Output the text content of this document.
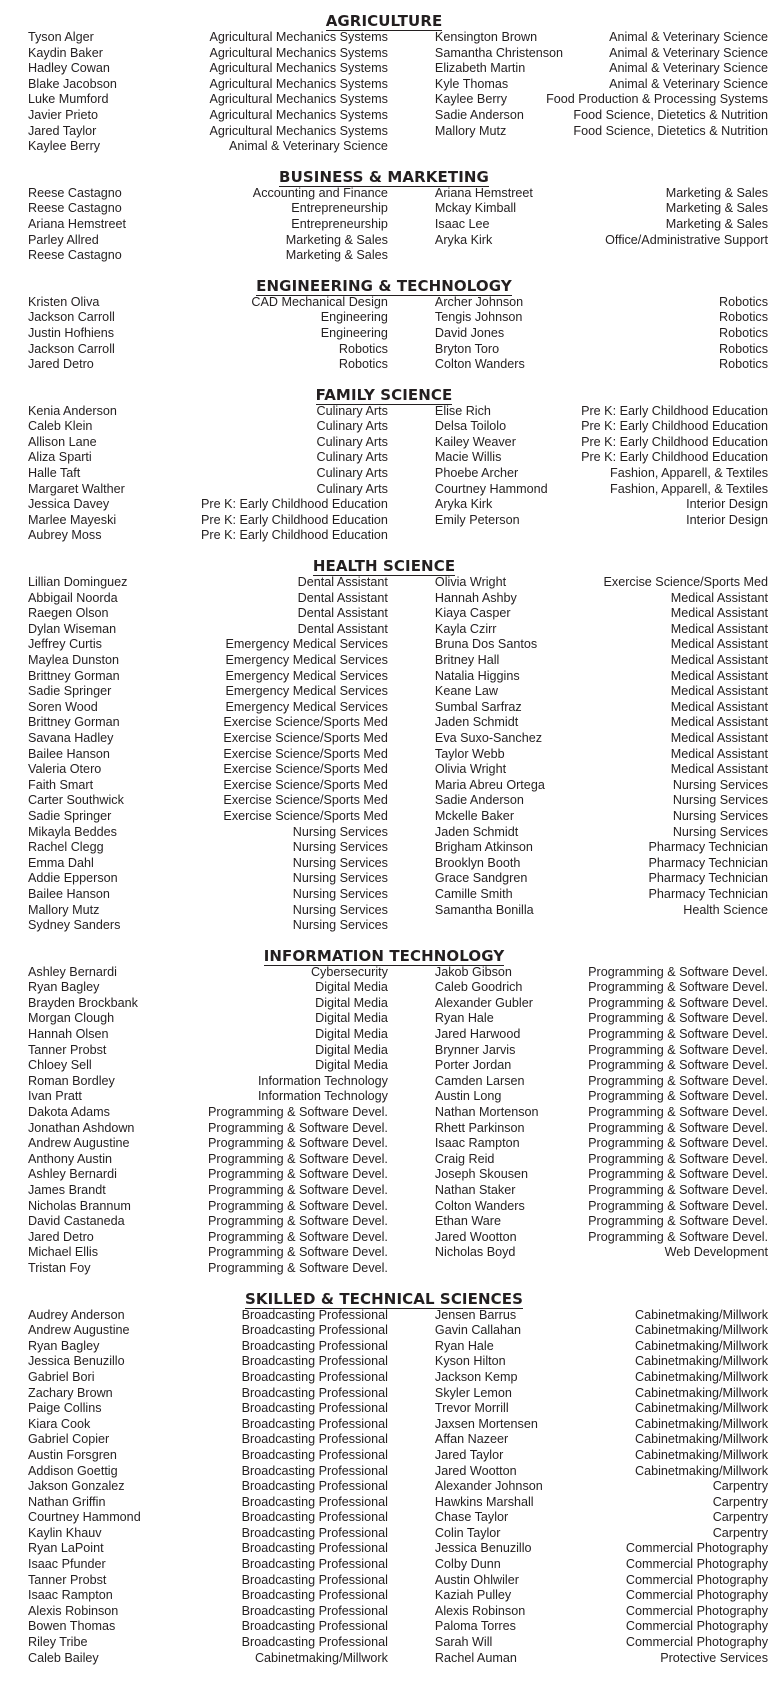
AGRICULTURE
Tyson Alger	Agricultural Mechanics Systems
Kaydin Baker	Agricultural Mechanics Systems
Hadley Cowan	Agricultural Mechanics Systems
Blake Jacobson	Agricultural Mechanics Systems
Luke Mumford	Agricultural Mechanics Systems
Javier Prieto	Agricultural Mechanics Systems
Jared Taylor	Agricultural Mechanics Systems
Kaylee Berry	Animal & Veterinary Science
Kensington Brown	Animal & Veterinary Science
Samantha Christenson	Animal & Veterinary Science
Elizabeth Martin	Animal & Veterinary Science
Kyle Thomas	Animal & Veterinary Science
Kaylee Berry	Food Production & Processing Systems
Sadie Anderson	Food Science, Dietetics & Nutrition
Mallory Mutz	Food Science, Dietetics & Nutrition
BUSINESS & MARKETING
Reese Castagno	Accounting and Finance
Reese Castagno	Entrepreneurship
Ariana Hemstreet	Entrepreneurship
Parley Allred	Marketing & Sales
Reese Castagno	Marketing & Sales
Ariana Hemstreet	Marketing & Sales
Mckay Kimball	Marketing & Sales
Isaac Lee	Marketing & Sales
Aryka Kirk	Office/Administrative Support
ENGINEERING & TECHNOLOGY
Kristen Oliva	CAD Mechanical Design
Jackson Carroll	Engineering
Justin Hofhiens	Engineering
Jackson Carroll	Robotics
Jared Detro	Robotics
Archer Johnson	Robotics
Tengis Johnson	Robotics
David Jones	Robotics
Bryton Toro	Robotics
Colton Wanders	Robotics
FAMILY SCIENCE
Kenia Anderson	Culinary Arts
Caleb Klein	Culinary Arts
Allison Lane	Culinary Arts
Aliza Sparti	Culinary Arts
Halle Taft	Culinary Arts
Margaret Walther	Culinary Arts
Jessica Davey	Pre K: Early Childhood Education
Marlee Mayeski	Pre K: Early Childhood Education
Aubrey Moss	Pre K: Early Childhood Education
Elise Rich	Pre K: Early Childhood Education
Delsa Toilolo	Pre K: Early Childhood Education
Kailey Weaver	Pre K: Early Childhood Education
Macie Willis	Pre K: Early Childhood Education
Phoebe Archer	Fashion, Apparell, & Textiles
Courtney Hammond	Fashion, Apparell, & Textiles
Aryka Kirk	Interior Design
Emily Peterson	Interior Design
HEALTH SCIENCE
Lillian Dominguez	Dental Assistant
Abbigail Noorda	Dental Assistant
Raegen Olson	Dental Assistant
Dylan Wiseman	Dental Assistant
Jeffrey Curtis	Emergency Medical Services
Maylea Dunston	Emergency Medical Services
Brittney Gorman	Emergency Medical Services
Sadie Springer	Emergency Medical Services
Soren Wood	Emergency Medical Services
Brittney Gorman	Exercise Science/Sports Med
Savana Hadley	Exercise Science/Sports Med
Bailee Hanson	Exercise Science/Sports Med
Valeria Otero	Exercise Science/Sports Med
Faith Smart	Exercise Science/Sports Med
Carter Southwick	Exercise Science/Sports Med
Sadie Springer	Exercise Science/Sports Med
Mikayla Beddes	Nursing Services
Rachel Clegg	Nursing Services
Emma Dahl	Nursing Services
Addie Epperson	Nursing Services
Bailee Hanson	Nursing Services
Mallory Mutz	Nursing Services
Sydney Sanders	Nursing Services
Olivia Wright	Exercise Science/Sports Med
Hannah Ashby	Medical Assistant
Kiaya Casper	Medical Assistant
Kayla Czirr	Medical Assistant
Bruna Dos Santos	Medical Assistant
Britney Hall	Medical Assistant
Natalia Higgins	Medical Assistant
Keane Law	Medical Assistant
Sumbal Sarfraz	Medical Assistant
Jaden Schmidt	Medical Assistant
Eva Suxo-Sanchez	Medical Assistant
Taylor Webb	Medical Assistant
Olivia Wright	Medical Assistant
Maria Abreu Ortega	Nursing Services
Sadie Anderson	Nursing Services
Mckelle Baker	Nursing Services
Jaden Schmidt	Nursing Services
Brigham Atkinson	Pharmacy Technician
Brooklyn Booth	Pharmacy Technician
Grace Sandgren	Pharmacy Technician
Camille Smith	Pharmacy Technician
Samantha Bonilla	Health Science
INFORMATION TECHNOLOGY
Ashley Bernardi	Cybersecurity
Ryan Bagley	Digital Media
Brayden Brockbank	Digital Media
Morgan Clough	Digital Media
Hannah Olsen	Digital Media
Tanner Probst	Digital Media
Chloey Sell	Digital Media
Roman Bordley	Information Technology
Ivan Pratt	Information Technology
Dakota Adams	Programming & Software Devel.
Jonathan Ashdown	Programming & Software Devel.
Andrew Augustine	Programming & Software Devel.
Anthony Austin	Programming & Software Devel.
Ashley Bernardi	Programming & Software Devel.
James Brandt	Programming & Software Devel.
Nicholas Brannum	Programming & Software Devel.
David Castaneda	Programming & Software Devel.
Jared Detro	Programming & Software Devel.
Michael Ellis	Programming & Software Devel.
Tristan Foy	Programming & Software Devel.
Jakob Gibson	Programming & Software Devel.
Caleb Goodrich	Programming & Software Devel.
Alexander Gubler	Programming & Software Devel.
Ryan Hale	Programming & Software Devel.
Jared Harwood	Programming & Software Devel.
Brynner Jarvis	Programming & Software Devel.
Porter Jordan	Programming & Software Devel.
Camden Larsen	Programming & Software Devel.
Austin Long	Programming & Software Devel.
Nathan Mortenson	Programming & Software Devel.
Rhett Parkinson	Programming & Software Devel.
Isaac Rampton	Programming & Software Devel.
Craig Reid	Programming & Software Devel.
Joseph Skousen	Programming & Software Devel.
Nathan Staker	Programming & Software Devel.
Colton Wanders	Programming & Software Devel.
Ethan Ware	Programming & Software Devel.
Jared Wootton	Programming & Software Devel.
Nicholas Boyd	Web Development
SKILLED & TECHNICAL SCIENCES
Audrey Anderson	Broadcasting Professional
Andrew Augustine	Broadcasting Professional
Ryan Bagley	Broadcasting Professional
Jessica Benuzillo	Broadcasting Professional
Gabriel Bori	Broadcasting Professional
Zachary Brown	Broadcasting Professional
Paige Collins	Broadcasting Professional
Kiara Cook	Broadcasting Professional
Gabriel Copier	Broadcasting Professional
Austin Forsgren	Broadcasting Professional
Addison Goettig	Broadcasting Professional
Jakson Gonzalez	Broadcasting Professional
Nathan Griffin	Broadcasting Professional
Courtney Hammond	Broadcasting Professional
Kaylin Khauv	Broadcasting Professional
Ryan LaPoint	Broadcasting Professional
Isaac Pfunder	Broadcasting Professional
Tanner Probst	Broadcasting Professional
Isaac Rampton	Broadcasting Professional
Alexis Robinson	Broadcasting Professional
Bowen Thomas	Broadcasting Professional
Riley Tribe	Broadcasting Professional
Caleb Bailey	Cabinetmaking/Millwork
Jensen Barrus	Cabinetmaking/Millwork
Gavin Callahan	Cabinetmaking/Millwork
Ryan Hale	Cabinetmaking/Millwork
Kyson Hilton	Cabinetmaking/Millwork
Jackson Kemp	Cabinetmaking/Millwork
Skyler Lemon	Cabinetmaking/Millwork
Trevor Morrill	Cabinetmaking/Millwork
Jaxsen Mortensen	Cabinetmaking/Millwork
Affan Nazeer	Cabinetmaking/Millwork
Jared Taylor	Cabinetmaking/Millwork
Jared Wootton	Cabinetmaking/Millwork
Alexander Johnson	Carpentry
Hawkins Marshall	Carpentry
Chase Taylor	Carpentry
Colin Taylor	Carpentry
Jessica Benuzillo	Commercial Photography
Colby Dunn	Commercial Photography
Austin Ohlwiler	Commercial Photography
Kaziah Pulley	Commercial Photography
Alexis Robinson	Commercial Photography
Paloma Torres	Commercial Photography
Sarah Will	Commercial Photography
Rachel Auman	Protective Services
